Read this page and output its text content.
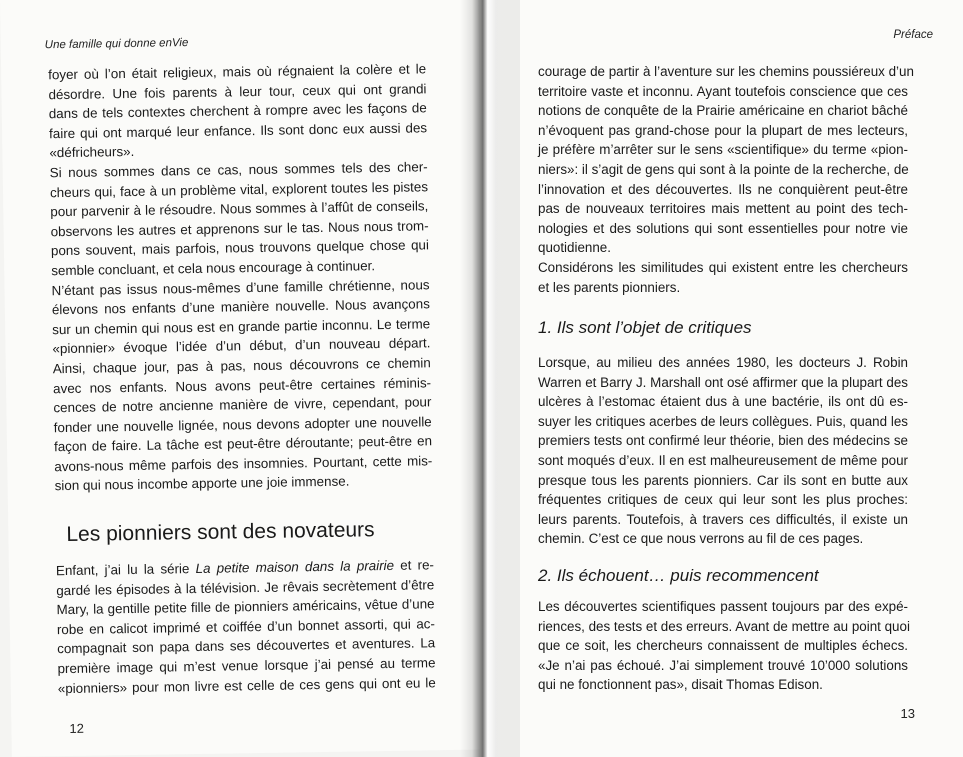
Une famille qui donne enVie

foyer où l’on était religieux, mais où régnaient la colère et le
désordre. Une fois parents à leur tour, ceux qui ont grandi
dans de tels contextes cherchent à rompre avec les façons de
faire qui ont marqué leur enfance. Ils sont donc eux aussi des
«défricheurs».

Si nous sommes dans ce cas, nous sommes tels des cher-
cheurs qui, face à un problème vital, explorent toutes les pistes
pour parvenir à le résoudre. Nous sommes à l’affût de conseils,
observons les autres et apprenons sur le tas. Nous nous trom-
pons souvent, mais parfois, nous trouvons quelque chose qui
semble concluant, et cela nous encourage à continuer.

N’étant pas issus nous-mêmes d’une famille chrétienne, nous
élevons nos enfants d’une manière nouvelle. Nous avançons
sur un chemin qui nous est en grande partie inconnu. Le terme
«pionnier» évoque l’idée d’un début, d’un nouveau départ.
Ainsi, chaque jour, pas à pas, nous découvrons ce chemin
avec nos enfants. Nous avons peut-être certaines réminis-
cences de notre ancienne manière de vivre, cependant, pour
fonder une nouvelle lignée, nous devons adopter une nouvelle
façon de faire. La tâche est peut-être déroutante; peut-être en
avons-nous même parfois des insomnies. Pourtant, cette mis-
sion qui nous incombe apporte une joie immense.

Les pionniers sont des novateurs

Enfant, j’ai lu la série La petite maison dans la prairie et re-
gardé les épisodes à la télévision. Je rêvais secrètement d’être
Mary, la gentille petite fille de pionniers américains, vêtue d’une
robe en calicot imprimé et coiffée d’un bonnet assorti, qui ac-
compagnait son papa dans ses découvertes et aventures. La
première image qui m’est venue lorsque j’ai pensé au terme
«pionniers» pour mon livre est celle de ces gens qui ont eu le

12
Préface

courage de partir à l’aventure sur les chemins poussiéreux d’un
territoire vaste et inconnu. Ayant toutefois conscience que ces
notions de conquête de la Prairie américaine en chariot bâché
n’évoquent pas grand-chose pour la plupart de mes lecteurs,
je préfère m’arrêter sur le sens «scientifique» du terme «pion-
niers»: il s’agit de gens qui sont à la pointe de la recherche, de
l’innovation et des découvertes. Ils ne conquièrent peut-être
pas de nouveaux territoires mais mettent au point des tech-
nologies et des solutions qui sont essentielles pour notre vie
quotidienne.

Considérons les similitudes qui existent entre les chercheurs
et les parents pionniers.

1. Ils sont l’objet de critiques

Lorsque, au milieu des années 1980, les docteurs J. Robin
Warren et Barry J. Marshall ont osé affirmer que la plupart des
ulcères à l’estomac étaient dus à une bactérie, ils ont dû es-
suyer les critiques acerbes de leurs collègues. Puis, quand les
premiers tests ont confirmé leur théorie, bien des médecins se
sont moqués d’eux. Il en est malheureusement de même pour
presque tous les parents pionniers. Car ils sont en butte aux
fréquentes critiques de ceux qui leur sont les plus proches:
leurs parents. Toutefois, à travers ces difficultés, il existe un
chemin. C’est ce que nous verrons au fil de ces pages.

2. Ils échouent… puis recommencent

Les découvertes scientifiques passent toujours par des expé-
riences, des tests et des erreurs. Avant de mettre au point quoi
que ce soit, les chercheurs connaissent de multiples échecs.
«Je n’ai pas échoué. J’ai simplement trouvé 10’000 solutions
qui ne fonctionnent pas», disait Thomas Edison.

13
